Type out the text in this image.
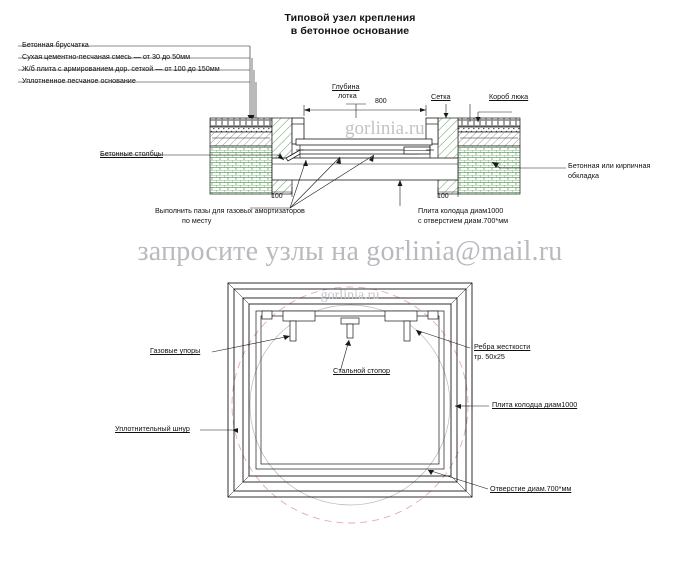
Типовой узел крепления
в бетонное основание
Бетонная брусчатка
Сухая цементно-песчаная смесь — от 30 до 50мм
Ж/б плита с армированием дор. сеткой — от 100 до 150мм
Уплотненное песчаное основание
Глубина
лотка
800
Сетка	Короб люка
Бетонные столбцы
Бетонная или кирпичная
обкладка
100	100
Выполнить пазы для газовых амортизаторов
по месту
Плита колодца диам1000
с отверстием диам.700*мм
Газовые упоры
Стальной стопор
Ребра жесткости
тр. 50х25
Уплотнительный шнур
Плита колодца диам1000
Отверстие диам.700*мм
gorlinia.ru
запросите узлы на gorlinia@mail.ru
gorlinia.ru
